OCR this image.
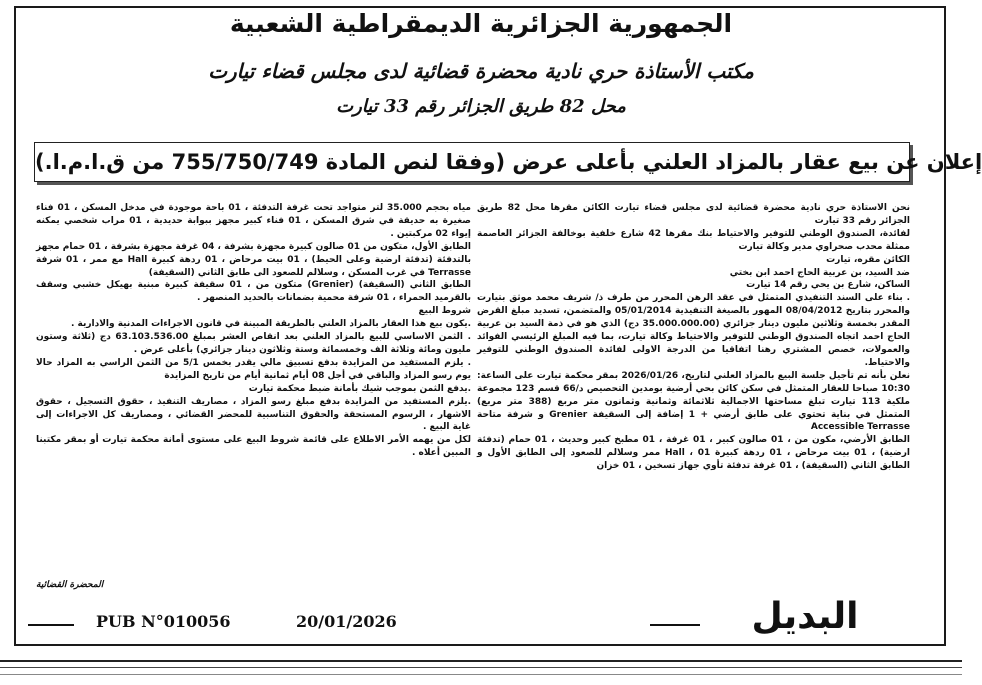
الجمهورية الجزائرية الديمقراطية الشعبية
مكتب الأستاذة حري نادية محضرة قضائية لدى مجلس قضاء تيارت
محل 82 طريق الجزائر رقم 33 تيارت
إعلان عن بيع عقار بالمزاد العلني بأعلى عرض (وفقا لنص المادة 755/750/749 من ق.ا.م.ا.)

نحن الاستاذة حري نادية محضرة قضائية لدى مجلس قضاء تيارت الكائن مقرها محل 82 طريق الجزائر رقم 33 تيارت

لفائدة، الصندوق الوطني للتوفير والاحتياط بنك مقرها 42 شارع خلفية بوخالفة الجزائر العاصمة ممثلة محدب صحراوي مدير وكالة تيارت

الكائن مقره، تيارت

ضد السيد، بن عربية الحاج احمد ابن بختي

الساكن، شارع بن يحي رقم 14 تيارت

. بناء على السند التنفيذي المتمثل في عقد الرهن المحرر من طرف ذ/ شريف محمد موثق بتيارت والمحرر بتاريخ 08/04/2012 المهور بالصيغة التنفيذية 05/01/2014 والمتضمن، تسديد مبلغ القرض المقدر بخمسة وثلاثين مليون دينار جزائري (35.000.000.00 دج) الذي هو في ذمة السيد بن عربية الحاج احمد اتجاه الصندوق الوطني للتوفير والاحتياط وكالة تيارت، بما فيه المبلغ الرئيسي الفوائد والعمولات، خصص المشتري رهنا اتفاقيا من الدرجة الاولى لفائدة الصندوق الوطني للتوفير والاحتياط.

نعلن بأنه تم تأجيل جلسة البيع بالمزاد العلني لتاريخ، 2026/01/26 بمقر محكمة تيارت على الساعة: 10:30 صباحا للعقار المتمثل في سكن كائن بحي أرضية بومدين التحصيص د/66 قسم 123 مجموعة ملكية 113 تيارت تبلغ مساحتها الاجمالية ثلاثمائة وثمانية وثمانون متر مربع (388 متر مربع) المتمثل في بناية تحتوي على طابق أرضي + 1 إضافة إلى السقيفة Grenier و شرفة متاحة Accessible Terrasse

الطابق الأرضي، مكون من ، 01 صالون كبير ، 01 غرفة ، 01 مطبخ كبير وحديث ، 01 حمام (تدفئة ارضية) ، 01 بيت مرحاض ، 01 ردهة كبيرة Hall ، 01 ممر وسلالم للصعود إلى الطابق الأول و الطابق الثاني (السقيفة) ، 01 غرفة تدفئة تأوي جهاز تسخين ، 01 خزان

مياه بحجم 35.000 لتر متواجد تحت غرفة التدفئة ، 01 باحة موجودة في مدخل المسكن ، 01 فناء صغيرة به حديقة في شرق المسكن ، 01 فناء كبير مجهز ببوابة حديدية ، 01 مراب شخصي يمكنه إيواء 02 مركبتين .

الطابق الأول، متكون من 01 صالون كبيرة مجهزة بشرفة ، 04 غرفة مجهزة بشرفة ، 01 حمام مجهز بالتدفئة (تدفئة ارضية وعلى الحيط) ، 01 بيت مرحاض ، 01 ردهة كبيرة Hall مع ممر ، 01 شرفة Terrasse في غرب المسكن ، وسلالم للصعود الى طابق الثاني (السقيفة)

الطابق الثاني (السقيفة) (Grenier) متكون من ، 01 سقيفة كبيرة مبنية بهيكل خشبي وسقف بالقرميد الحمراء ، 01 شرفة محمية بضمانات بالحديد المنصهر .

شروط البيع

.يكون بيع هذا العقار بالمزاد العلني بالطريقة المبينة في قانون الاجراءات المدنية والادارية .

. الثمن الاساسي للبيع بالمزاد العلني بعد انقاص العشر بمبلغ 63.103.536.00 دج (ثلاثة وستون مليون ومائة وثلاثة الف وخمسمائة وستة وثلاثون دينار جزائري) بأعلى عرض .

. يلزم المستفيد من المزايدة بدفع تسبيق مالي يقدر بخمس 5/1 من الثمن الراسي به المزاد حالا يوم رسو المزاد والباقي في أجل 08 أيام ثمانية أيام من تاريخ المزايدة

.يدفع الثمن بموجب شيك بأمانة ضبط محكمة تيارت

.يلزم المستفيد من المزايدة بدفع مبلغ رسو المزاد ، مصاريف التنفيذ ، حقوق التسجيل ، حقوق الاشهار ، الرسوم المستحقة والحقوق التناسبية للمحضر القضائي ، ومصاريف كل الاجراءات إلى غاية البيع .

لكل من يهمه الأمر الاطلاع على قائمة شروط البيع على مستوى أمانة محكمة تيارت أو بمقر مكتبنا المبين أعلاه .

المحضرة القضائية
PUB N°010056	20/01/2026	البديل
